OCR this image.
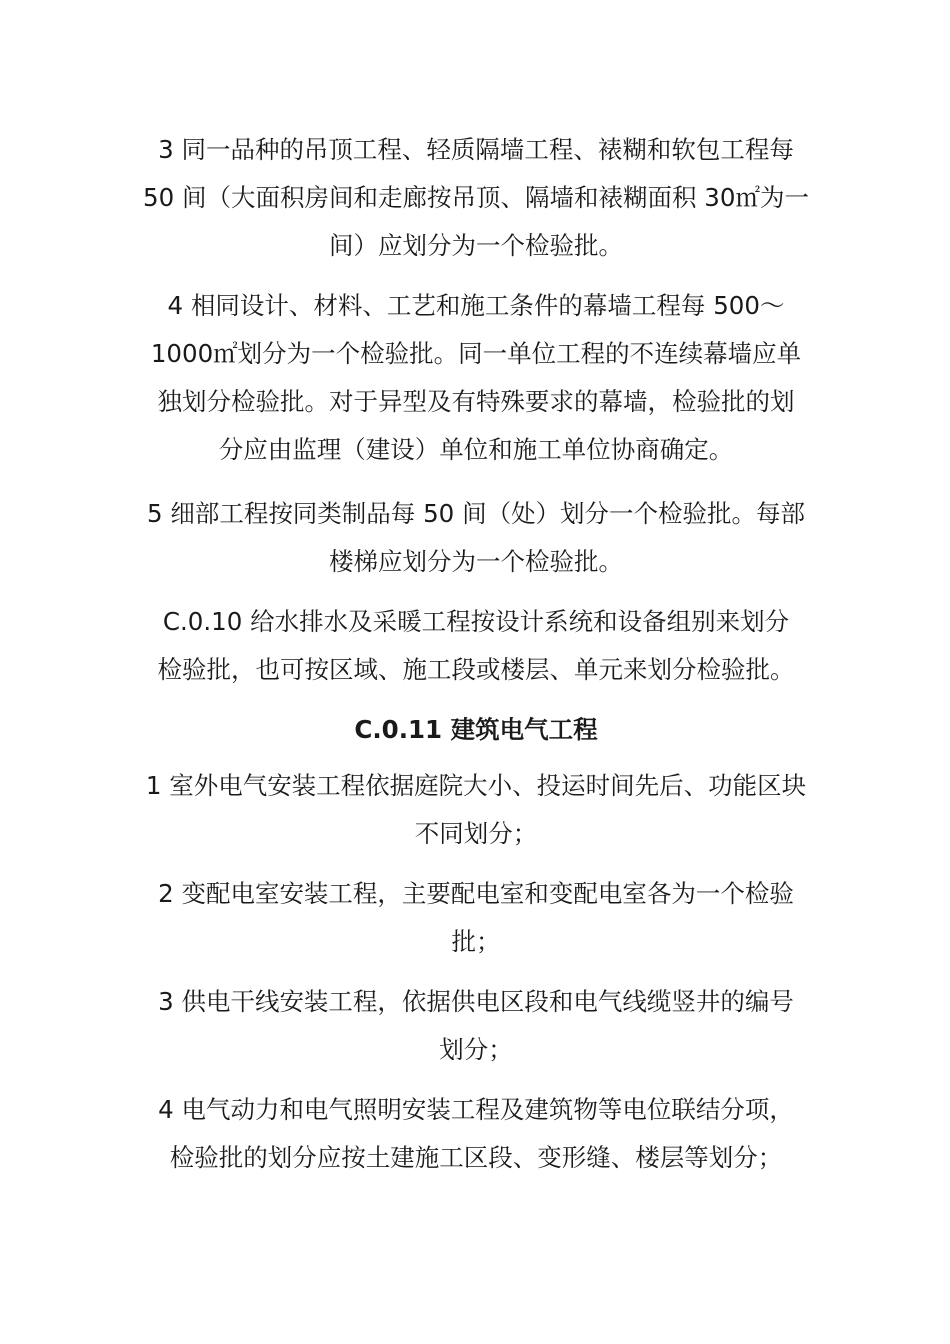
3 同一品种的吊顶工程、轻质隔墙工程、裱糊和软包工程每
50 间（大面积房间和走廊按吊顶、隔墙和裱糊面积 30㎡为一
间）应划分为一个检验批。
4 相同设计、材料、工艺和施工条件的幕墙工程每 500～
1000㎡划分为一个检验批。同一单位工程的不连续幕墙应单
独划分检验批。对于异型及有特殊要求的幕墙，检验批的划
分应由监理（建设）单位和施工单位协商确定。
5 细部工程按同类制品每 50 间（处）划分一个检验批。每部
楼梯应划分为一个检验批。
C.0.10 给水排水及采暖工程按设计系统和设备组别来划分
检验批，也可按区域、施工段或楼层、单元来划分检验批。
C.0.11 建筑电气工程
1 室外电气安装工程依据庭院大小、投运时间先后、功能区块
不同划分；
2 变配电室安装工程，主要配电室和变配电室各为一个检验
批；
3 供电干线安装工程，依据供电区段和电气线缆竖井的编号
划分；
4 电气动力和电气照明安装工程及建筑物等电位联结分项，
检验批的划分应按土建施工区段、变形缝、楼层等划分；
